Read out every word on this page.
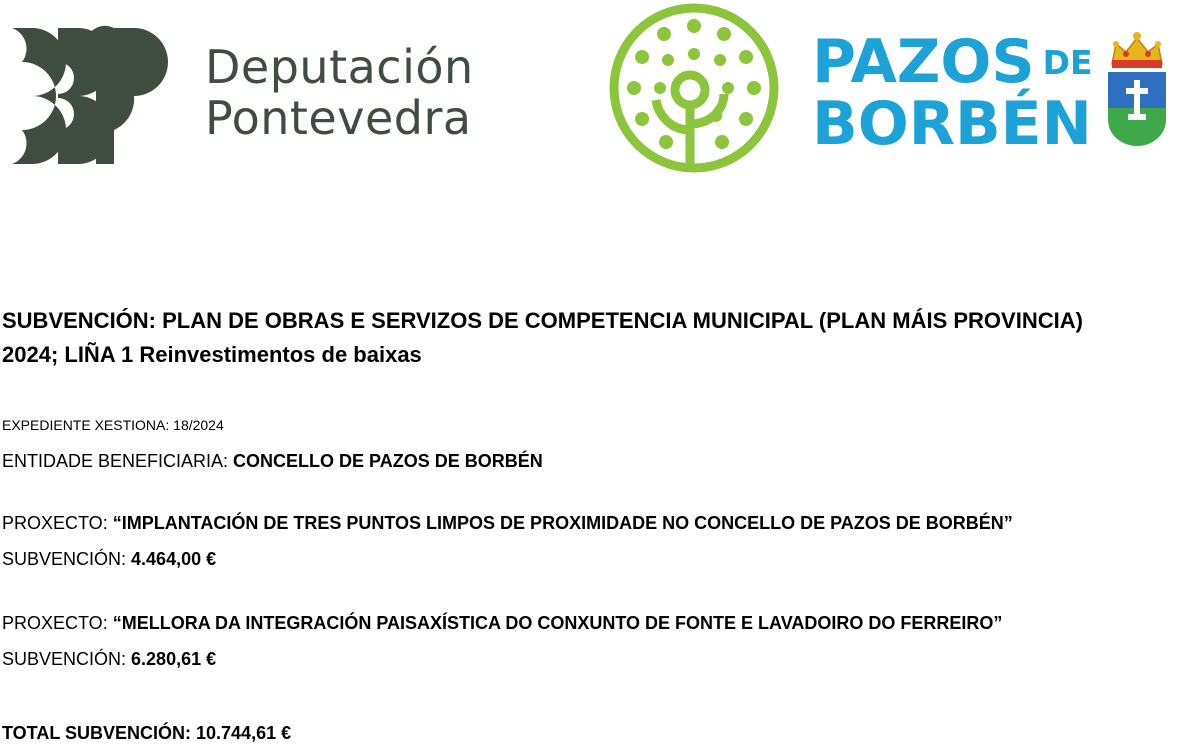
Deputación
Pontevedra
PAZOS DE
BORBÉN
SUBVENCIÓN: PLAN DE OBRAS E SERVIZOS DE COMPETENCIA MUNICIPAL (PLAN MÁIS PROVINCIA)
2024; LIÑA 1 Reinvestimentos de baixas

EXPEDIENTE XESTIONA: 18/2024

ENTIDADE BENEFICIARIA: CONCELLO DE PAZOS DE BORBÉN

PROXECTO: “IMPLANTACIÓN DE TRES PUNTOS LIMPOS DE PROXIMIDADE NO CONCELLO DE PAZOS DE BORBÉN”

SUBVENCIÓN: 4.464,00 €

PROXECTO: “MELLORA DA INTEGRACIÓN PAISAXÍSTICA DO CONXUNTO DE FONTE E LAVADOIRO DO FERREIRO”

SUBVENCIÓN: 6.280,61 €

TOTAL SUBVENCIÓN: 10.744,61 €
